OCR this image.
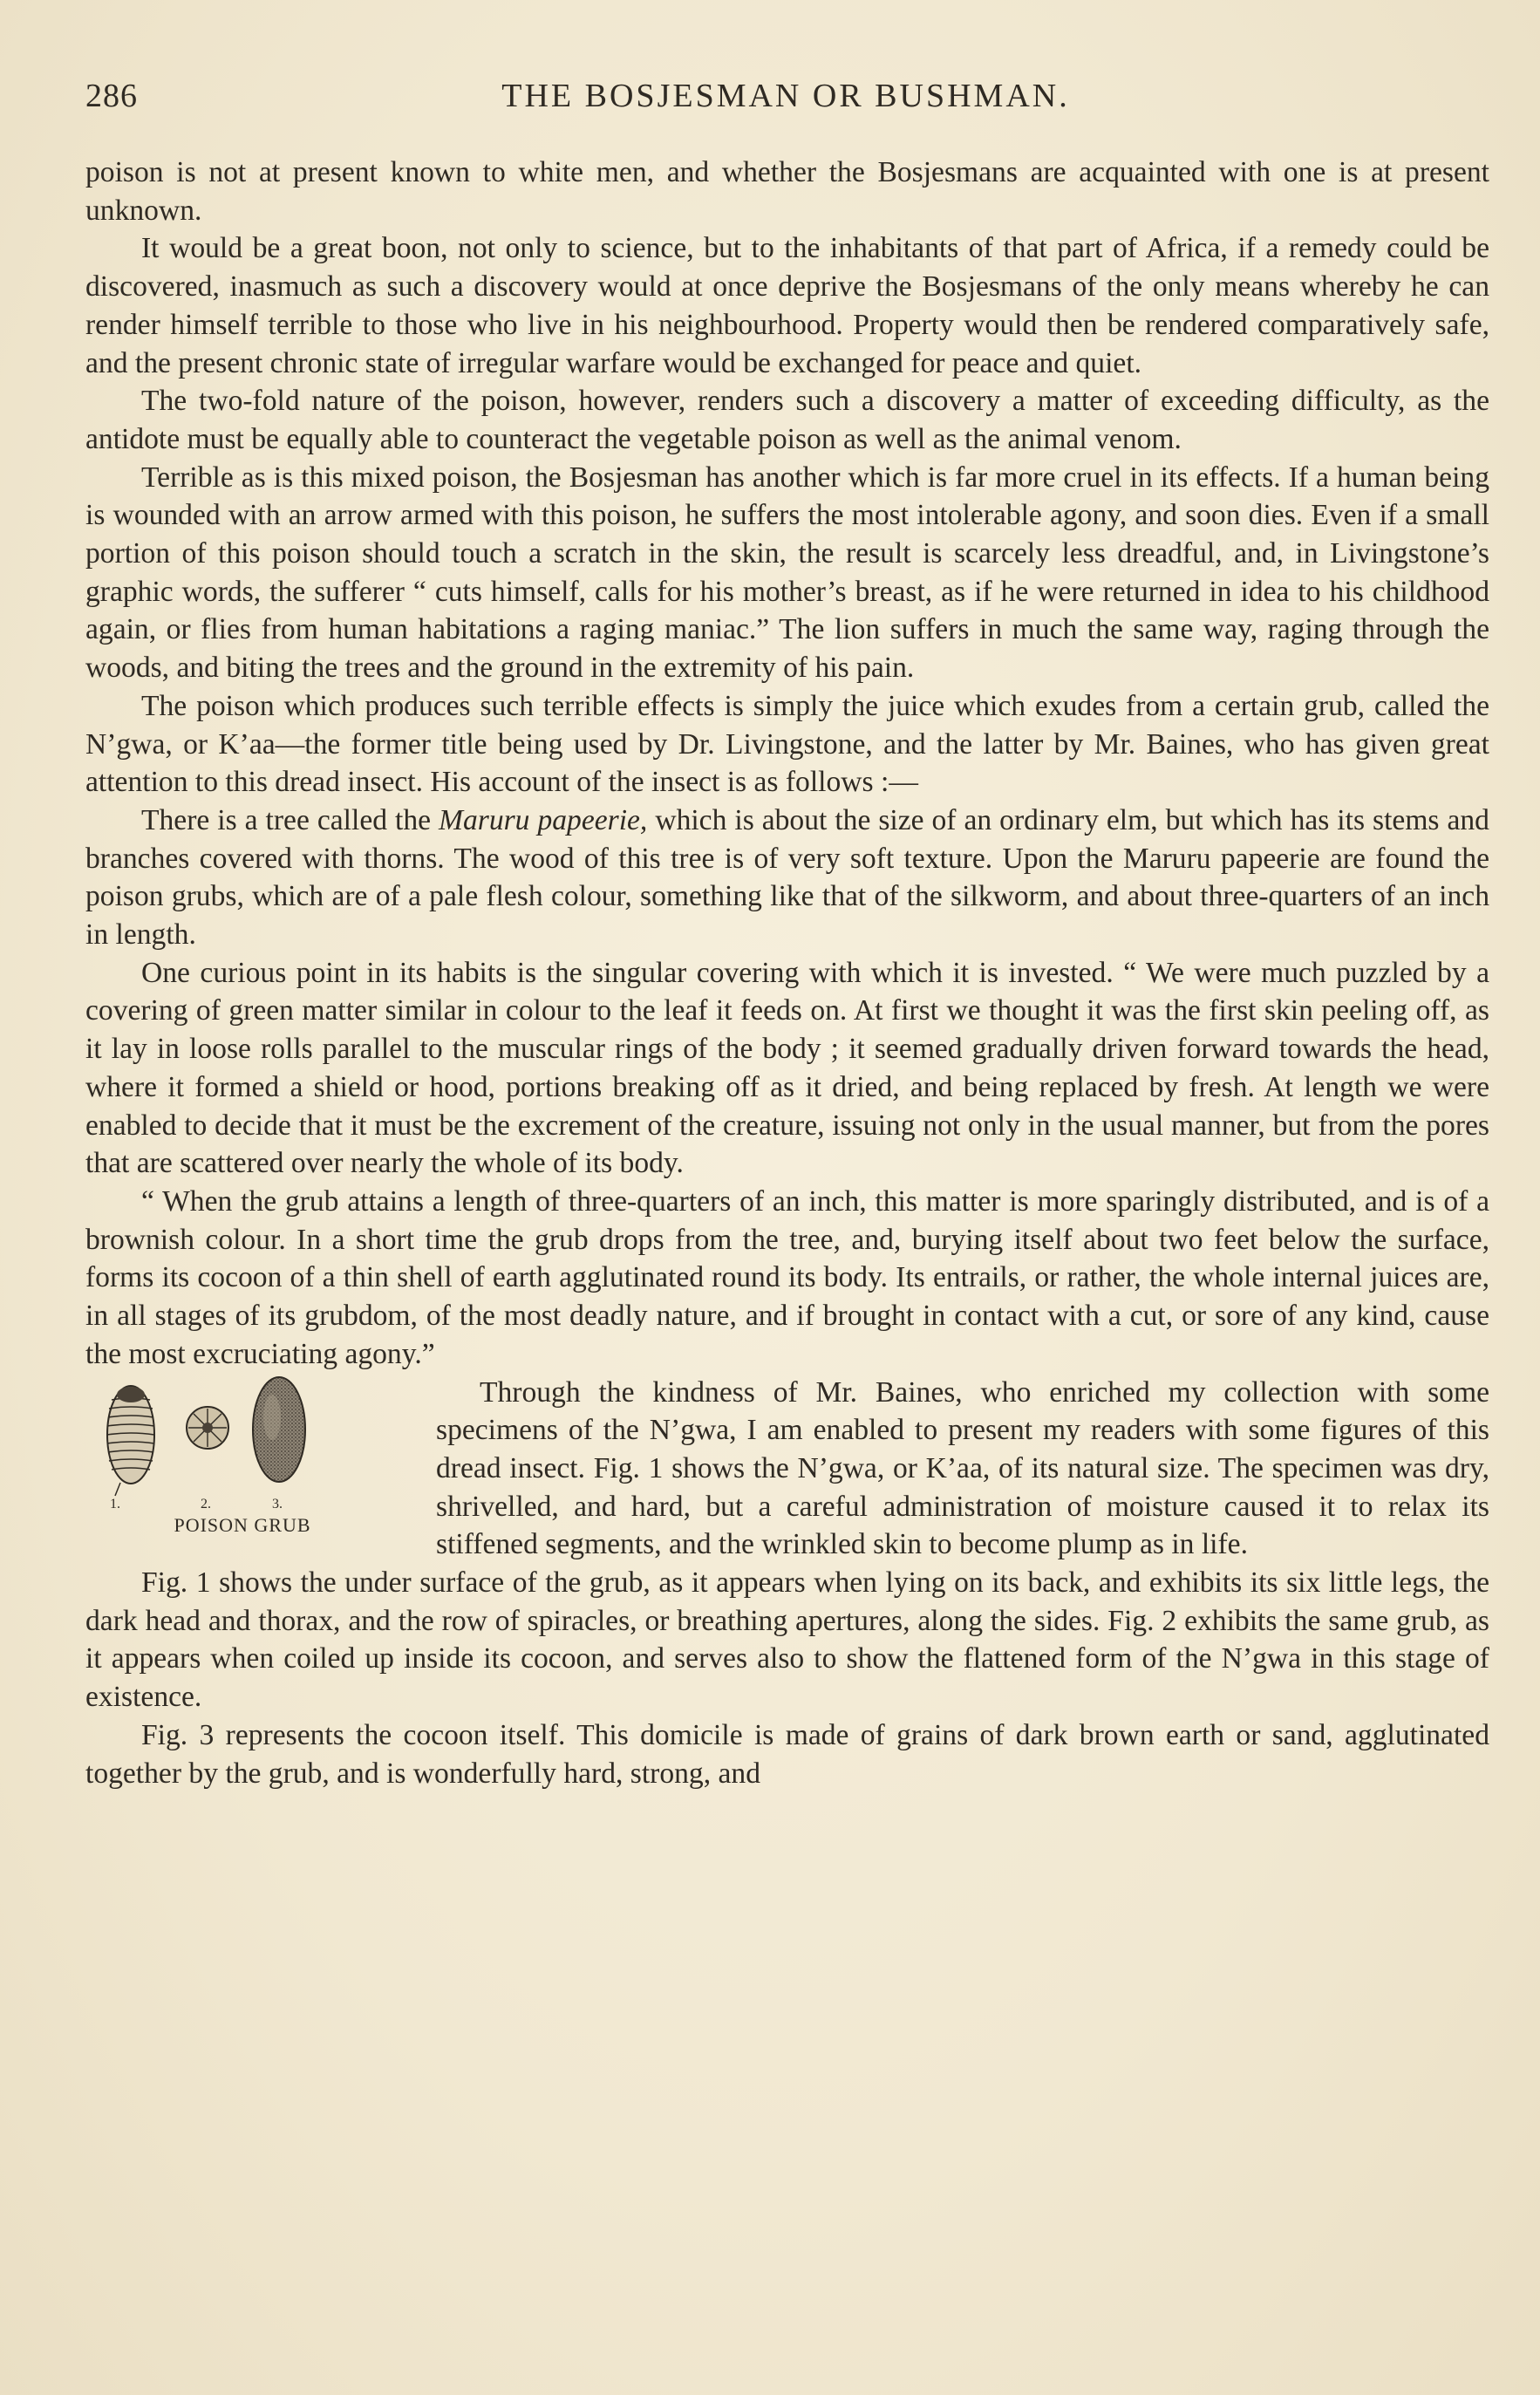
286	THE BOSJESMAN OR BUSHMAN.

poison is not at present known to white men, and whether the Bosjesmans are acquainted with one is at present unknown.

It would be a great boon, not only to science, but to the inhabitants of that part of Africa, if a remedy could be discovered, inasmuch as such a discovery would at once deprive the Bosjesmans of the only means whereby he can render himself terrible to those who live in his neighbourhood. Property would then be rendered comparatively safe, and the present chronic state of irregular warfare would be exchanged for peace and quiet.

The two-fold nature of the poison, however, renders such a discovery a matter of exceeding difficulty, as the antidote must be equally able to counteract the vegetable poison as well as the animal venom.

Terrible as is this mixed poison, the Bosjesman has another which is far more cruel in its effects. If a human being is wounded with an arrow armed with this poison, he suffers the most intolerable agony, and soon dies. Even if a small portion of this poison should touch a scratch in the skin, the result is scarcely less dreadful, and, in Livingstone’s graphic words, the sufferer “ cuts himself, calls for his mother’s breast, as if he were returned in idea to his childhood again, or flies from human habitations a raging maniac.” The lion suffers in much the same way, raging through the woods, and biting the trees and the ground in the extremity of his pain.

The poison which produces such terrible effects is simply the juice which exudes from a certain grub, called the N’gwa, or K’aa—the former title being used by Dr. Livingstone, and the latter by Mr. Baines, who has given great attention to this dread insect. His account of the insect is as follows :—

There is a tree called the Maruru papeerie, which is about the size of an ordinary elm, but which has its stems and branches covered with thorns. The wood of this tree is of very soft texture. Upon the Maruru papeerie are found the poison grubs, which are of a pale flesh colour, something like that of the silkworm, and about three-quarters of an inch in length.

One curious point in its habits is the singular covering with which it is invested. “ We were much puzzled by a covering of green matter similar in colour to the leaf it feeds on. At first we thought it was the first skin peeling off, as it lay in loose rolls parallel to the muscular rings of the body ; it seemed gradually driven forward towards the head, where it formed a shield or hood, portions breaking off as it dried, and being replaced by fresh. At length we were enabled to decide that it must be the excrement of the creature, issuing not only in the usual manner, but from the pores that are scattered over nearly the whole of its body.

“ When the grub attains a length of three-quarters of an inch, this matter is more sparingly distributed, and is of a brownish colour. In a short time the grub drops from the tree, and, burying itself about two feet below the surface, forms its cocoon of a thin shell of earth agglutinated round its body. Its entrails, or rather, the whole internal juices are, in all stages of its grubdom, of the most deadly nature, and if brought in contact with a cut, or sore of any kind, cause the most excruciating agony.”

1.	2.	3.
POISON GRUB

Through the kindness of Mr. Baines, who enriched my collection with some specimens of the N’gwa, I am enabled to present my readers with some figures of this dread insect. Fig. 1 shows the N’gwa, or K’aa, of its natural size. The specimen was dry, shrivelled, and hard, but a careful administration of moisture caused it to relax its stiffened segments, and the wrinkled skin to become plump as in life.

Fig. 1 shows the under surface of the grub, as it appears when lying on its back, and exhibits its six little legs, the dark head and thorax, and the row of spiracles, or breathing apertures, along the sides. Fig. 2 exhibits the same grub, as it appears when coiled up inside its cocoon, and serves also to show the flattened form of the N’gwa in this stage of existence.

Fig. 3 represents the cocoon itself. This domicile is made of grains of dark brown earth or sand, agglutinated together by the grub, and is wonderfully hard, strong, and
